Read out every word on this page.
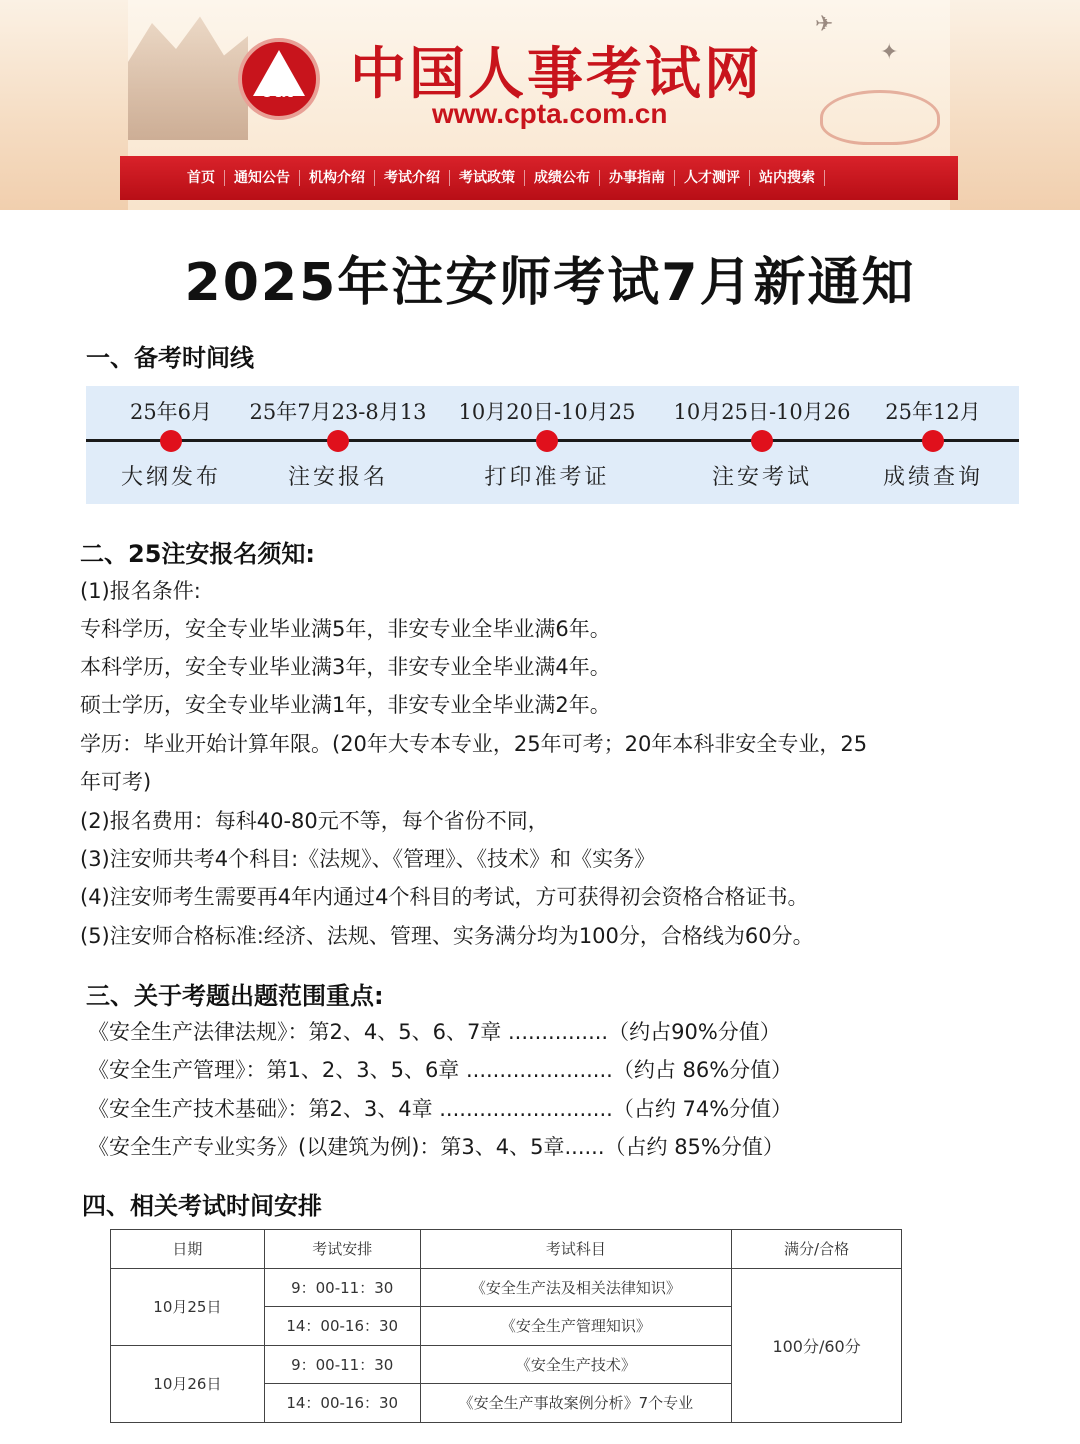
✈
✦
PTA 中国人事考试网
www.cpta.com.cn
首页	通知公告	机构介绍	考试介绍	考试政策	成绩公布	办事指南	人才测评	站内搜索
2025年注安师考试7月新通知
一、备考时间线
25年6月
大纲发布
25年7月23-8月13
注安报名
10月20日-10月25
打印准考证
10月25日-10月26
注安考试
25年12月
成绩查询
二、25注安报名须知:
(1)报名条件:
专科学历，安全专业毕业满5年，非安专业全毕业满6年。
本科学历，安全专业毕业满3年，非安专业全毕业满4年。
硕士学历，安全专业毕业满1年，非安专业全毕业满2年。
学历：毕业开始计算年限。(20年大专本专业，25年可考；20年本科非安全专业，25
年可考)
(2)报名费用：每科40-80元不等，每个省份不同，
(3)注安师共考4个科目:《法规》、《管理》、《技术》和《实务》
(4)注安师考生需要再4年内通过4个科目的考试，方可获得初会资格合格证书。
(5)注安师合格标准:经济、法规、管理、实务满分均为100分，合格线为60分。
三、关于考题出题范围重点:
《安全生产法律法规》：第2、4、5、6、7章 ...............（约占90%分值）
《安全生产管理》：第1、2、3、5、6章 ......................（约占 86%分值）
《安全生产技术基础》：第2、3、4章 ..........................（占约 74%分值）
《安全生产专业实务》(以建筑为例)：第3、4、5章......（占约 85%分值）
四、相关考试时间安排
日期	考试安排	考试科目	满分/合格
10月25日	9：00-11：30	《安全生产法及相关法律知识》	100分/60分
	14：00-16：30	《安全生产管理知识》	
10月26日	9：00-11：30	《安全生产技术》	
	14：00-16：30	《安全生产事故案例分析》7个专业	
